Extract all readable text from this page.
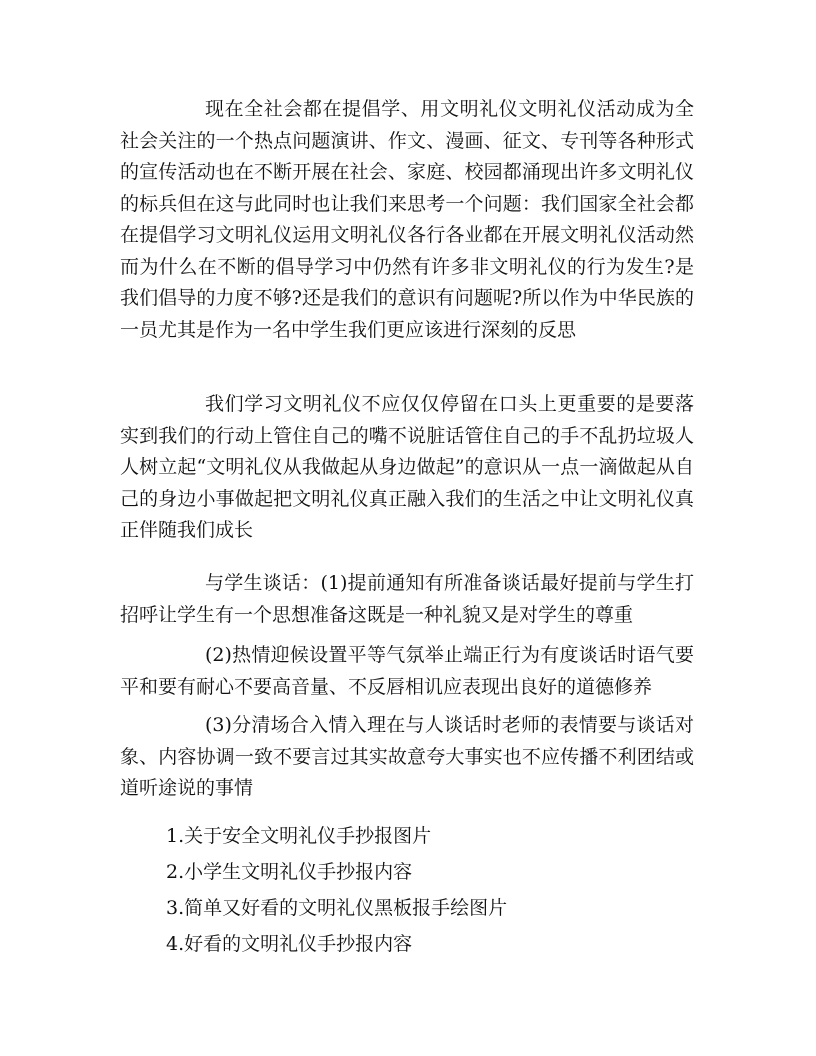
现在全社会都在提倡学、用文明礼仪文明礼仪活动成为全社会关注的一个热点问题演讲、作文、漫画、征文、专刊等各种形式的宣传活动也在不断开展在社会、家庭、校园都涌现出许多文明礼仪的标兵但在这与此同时也让我们来思考一个问题：我们国家全社会都在提倡学习文明礼仪运用文明礼仪各行各业都在开展文明礼仪活动然而为什么在不断的倡导学习中仍然有许多非文明礼仪的行为发生?是我们倡导的力度不够?还是我们的意识有问题呢?所以作为中华民族的一员尤其是作为一名中学生我们更应该进行深刻的反思

我们学习文明礼仪不应仅仅停留在口头上更重要的是要落实到我们的行动上管住自己的嘴不说脏话管住自己的手不乱扔垃圾人人树立起“文明礼仪从我做起从身边做起”的意识从一点一滴做起从自己的身边小事做起把文明礼仪真正融入我们的生活之中让文明礼仪真正伴随我们成长

与学生谈话：(1)提前通知有所准备谈话最好提前与学生打招呼让学生有一个思想准备这既是一种礼貌又是对学生的尊重

(2)热情迎候设置平等气氛举止端正行为有度谈话时语气要平和要有耐心不要高音量、不反唇相讥应表现出良好的道德修养

(3)分清场合入情入理在与人谈话时老师的表情要与谈话对象、内容协调一致不要言过其实故意夸大事实也不应传播不利团结或道听途说的事情

1.关于安全文明礼仪手抄报图片
2.小学生文明礼仪手抄报内容
3.简单又好看的文明礼仪黑板报手绘图片
4.好看的文明礼仪手抄报内容
